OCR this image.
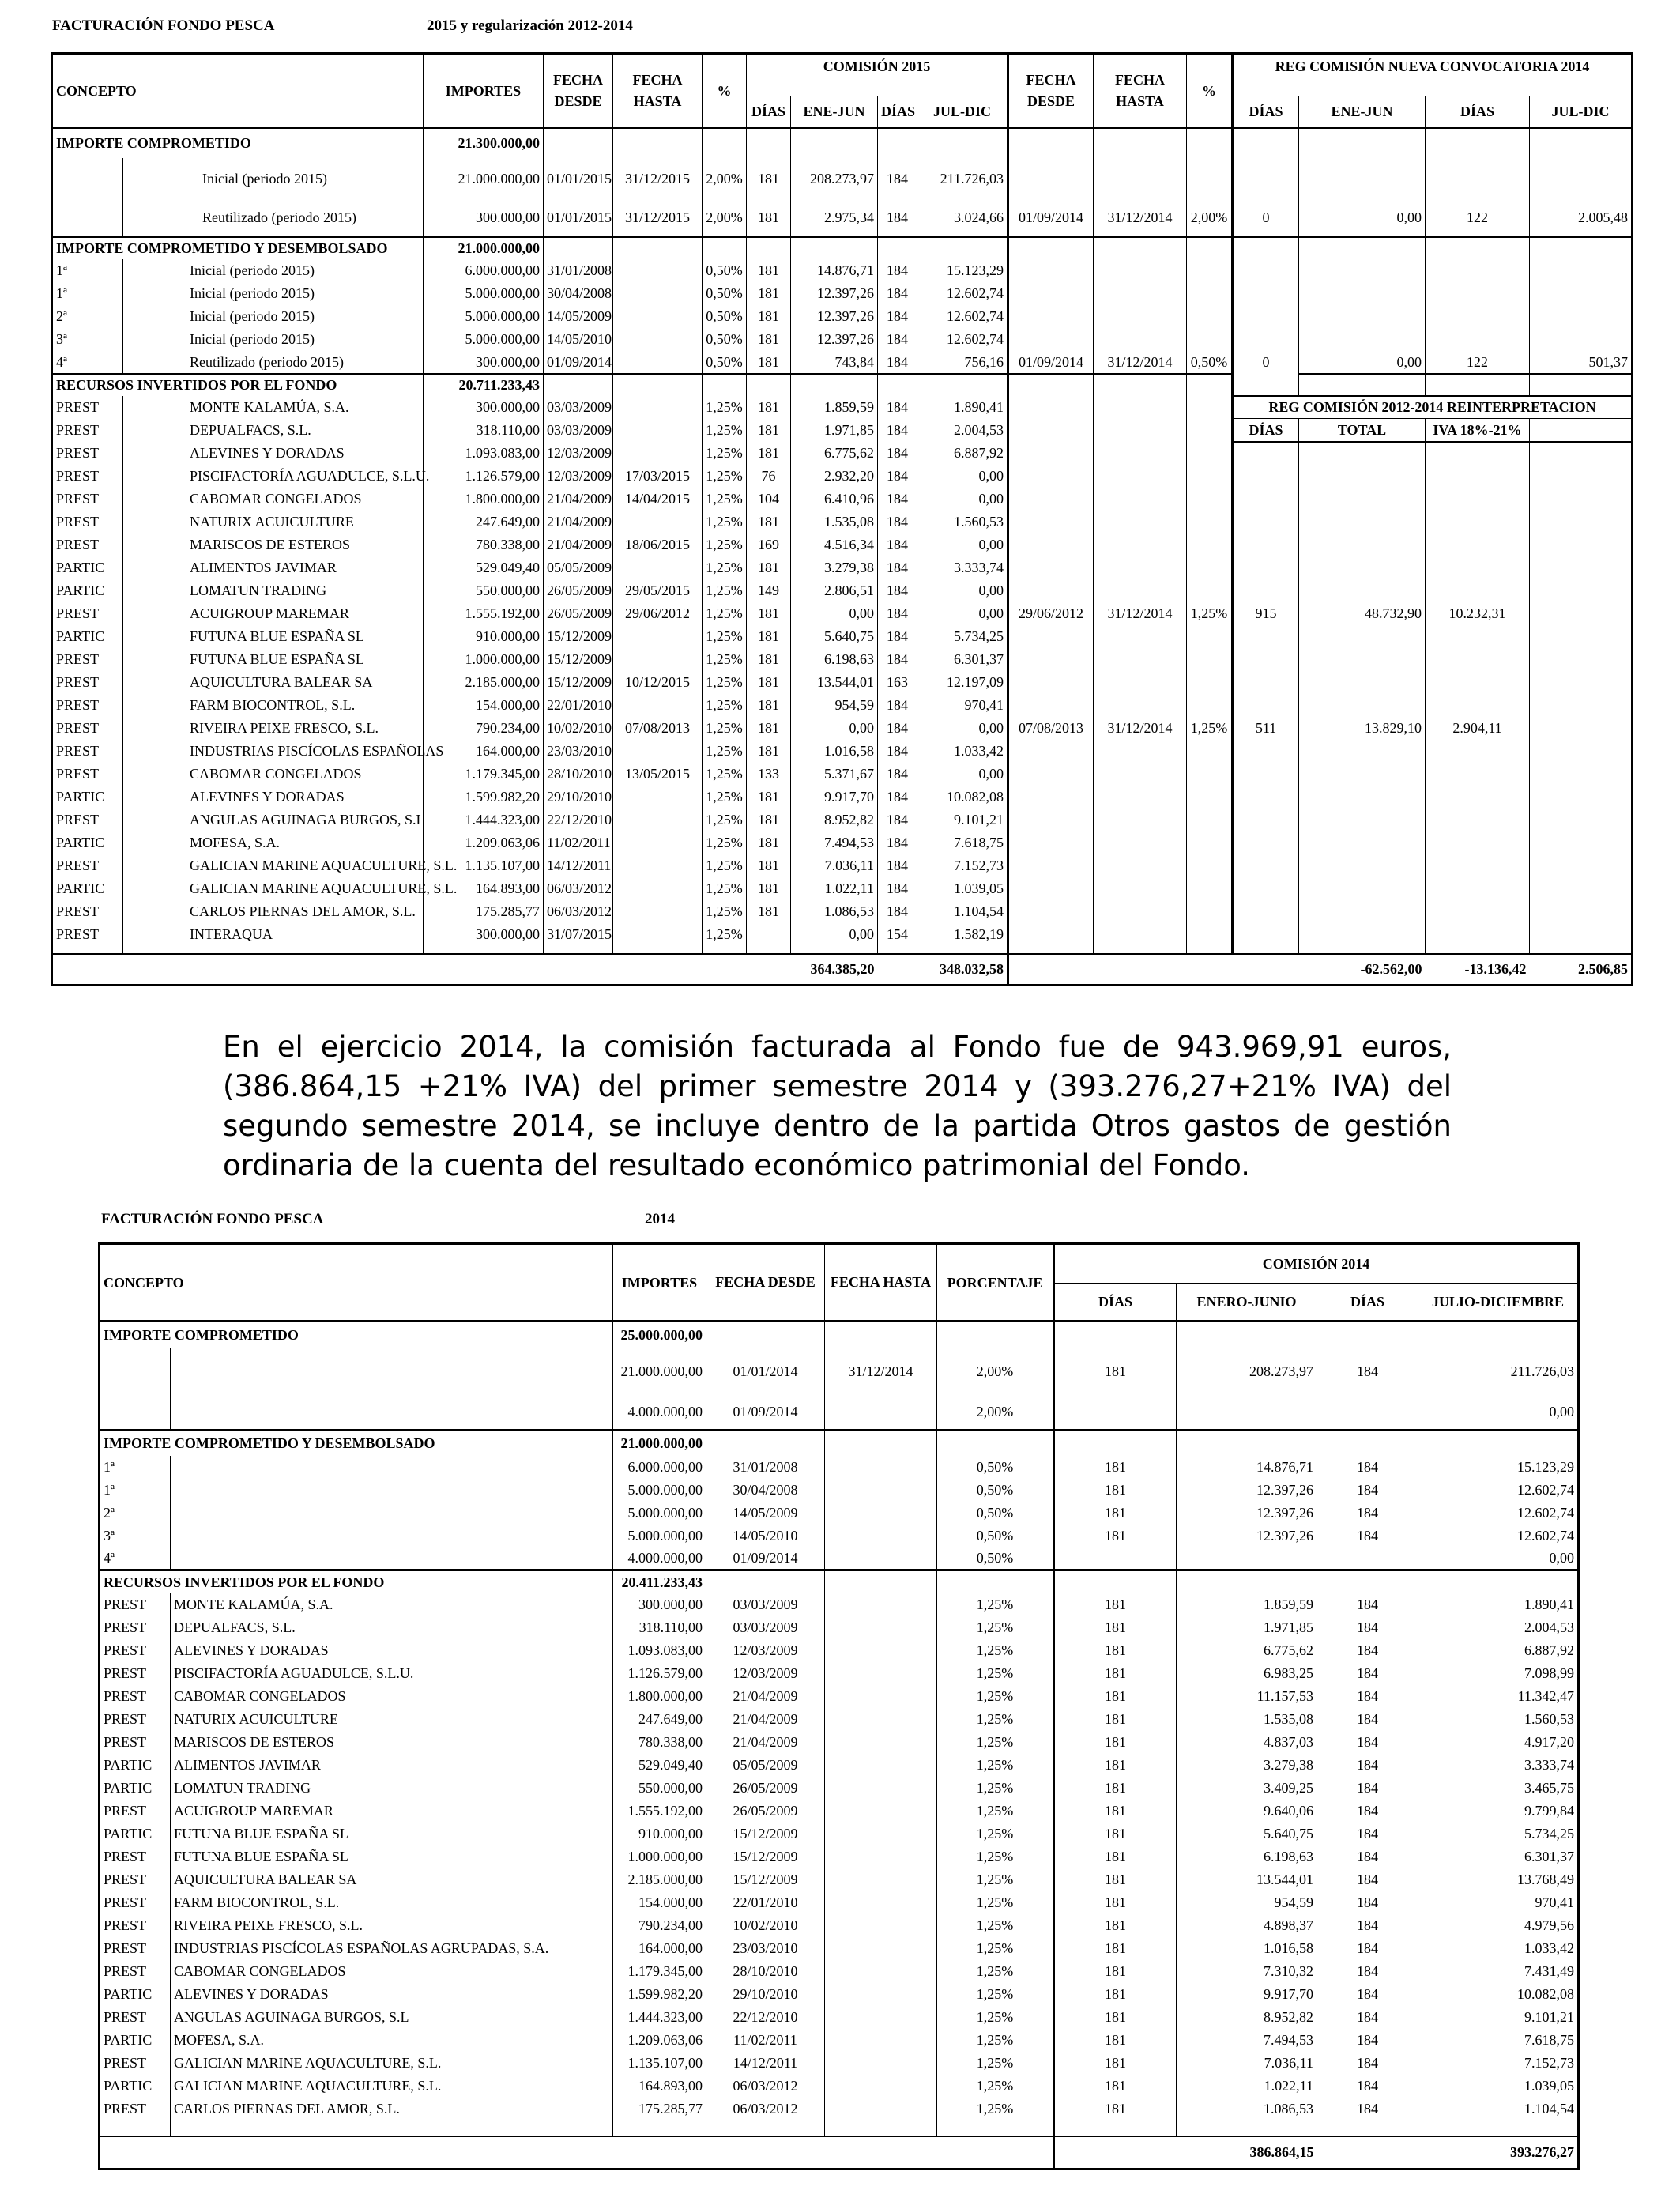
FACTURACIÓN FONDO PESCA	2015 y regularización 2012-2014
CONCEPTO		IMPORTES	FECHA DESDE	FECHA HASTA	%	COMISIÓN 2015				FECHA DESDE	FECHA HASTA	%	REG COMISIÓN NUEVA CONVOCATORIA 2014			
						DÍAS	ENE-JUN	DÍAS	JUL-DIC				DÍAS	ENE-JUN	DÍAS	JUL-DIC
IMPORTE COMPROMETIDO		21.300.000,00														
	Inicial (periodo 2015)	21.000.000,00	01/01/2015	31/12/2015	2,00%	181	208.273,97	184	211.726,03							
	Reutilizado (periodo 2015)	300.000,00	01/01/2015	31/12/2015	2,00%	181	2.975,34	184	3.024,66	01/09/2014	31/12/2014	2,00%	0	0,00	122	2.005,48
IMPORTE COMPROMETIDO Y DESEMBOLSADO		21.000.000,00														
1ª	Inicial (periodo 2015)	6.000.000,00	31/01/2008		0,50%	181	14.876,71	184	15.123,29							
1ª	Inicial (periodo 2015)	5.000.000,00	30/04/2008		0,50%	181	12.397,26	184	12.602,74							
2ª	Inicial (periodo 2015)	5.000.000,00	14/05/2009		0,50%	181	12.397,26	184	12.602,74							
3ª	Inicial (periodo 2015)	5.000.000,00	14/05/2010		0,50%	181	12.397,26	184	12.602,74							
4ª	Reutilizado (periodo 2015)	300.000,00	01/09/2014		0,50%	181	743,84	184	756,16	01/09/2014	31/12/2014	0,50%	0	0,00	122	501,37
RECURSOS INVERTIDOS POR EL FONDO		20.711.233,43														
PREST	MONTE KALAMÚA, S.A.	300.000,00	03/03/2009		1,25%	181	1.859,59	184	1.890,41				REG COMISIÓN 2012-2014 REINTERPRETACION			
PREST	DEPUALFACS, S.L.	318.110,00	03/03/2009		1,25%	181	1.971,85	184	2.004,53				DÍAS	TOTAL	IVA 18%-21%	
PREST	ALEVINES Y DORADAS	1.093.083,00	12/03/2009		1,25%	181	6.775,62	184	6.887,92							
PREST	PISCIFACTORÍA AGUADULCE, S.L.U.	1.126.579,00	12/03/2009	17/03/2015	1,25%	76	2.932,20	184	0,00							
PREST	CABOMAR CONGELADOS	1.800.000,00	21/04/2009	14/04/2015	1,25%	104	6.410,96	184	0,00							
PREST	NATURIX ACUICULTURE	247.649,00	21/04/2009		1,25%	181	1.535,08	184	1.560,53							
PREST	MARISCOS DE ESTEROS	780.338,00	21/04/2009	18/06/2015	1,25%	169	4.516,34	184	0,00							
PARTIC	ALIMENTOS JAVIMAR	529.049,40	05/05/2009		1,25%	181	3.279,38	184	3.333,74							
PARTIC	LOMATUN TRADING	550.000,00	26/05/2009	29/05/2015	1,25%	149	2.806,51	184	0,00							
PREST	ACUIGROUP MAREMAR	1.555.192,00	26/05/2009	29/06/2012	1,25%	181	0,00	184	0,00	29/06/2012	31/12/2014	1,25%	915	48.732,90	10.232,31	
PARTIC	FUTUNA BLUE ESPAÑA SL	910.000,00	15/12/2009		1,25%	181	5.640,75	184	5.734,25							
PREST	FUTUNA BLUE ESPAÑA SL	1.000.000,00	15/12/2009		1,25%	181	6.198,63	184	6.301,37							
PREST	AQUICULTURA BALEAR SA	2.185.000,00	15/12/2009	10/12/2015	1,25%	181	13.544,01	163	12.197,09							
PREST	FARM BIOCONTROL, S.L.	154.000,00	22/01/2010		1,25%	181	954,59	184	970,41							
PREST	RIVEIRA PEIXE FRESCO, S.L.	790.234,00	10/02/2010	07/08/2013	1,25%	181	0,00	184	0,00	07/08/2013	31/12/2014	1,25%	511	13.829,10	2.904,11	
PREST	INDUSTRIAS PISCÍCOLAS ESPAÑOLAS	164.000,00	23/03/2010		1,25%	181	1.016,58	184	1.033,42							
PREST	CABOMAR CONGELADOS	1.179.345,00	28/10/2010	13/05/2015	1,25%	133	5.371,67	184	0,00							
PARTIC	ALEVINES Y DORADAS	1.599.982,20	29/10/2010		1,25%	181	9.917,70	184	10.082,08							
PREST	ANGULAS AGUINAGA BURGOS, S.L	1.444.323,00	22/12/2010		1,25%	181	8.952,82	184	9.101,21							
PARTIC	MOFESA, S.A.	1.209.063,06	11/02/2011		1,25%	181	7.494,53	184	7.618,75							
PREST	GALICIAN MARINE AQUACULTURE, S.L.	1.135.107,00	14/12/2011		1,25%	181	7.036,11	184	7.152,73							
PARTIC	GALICIAN MARINE AQUACULTURE, S.L.	164.893,00	06/03/2012		1,25%	181	1.022,11	184	1.039,05							
PREST	CARLOS PIERNAS DEL AMOR, S.L.	175.285,77	06/03/2012		1,25%	181	1.086,53	184	1.104,54							
PREST	INTERAQUA	300.000,00	31/07/2015		1,25%		0,00	154	1.582,19							

							364.385,20		348.032,58					-62.562,00	-13.136,42	2.506,85
En el ejercicio 2014, la comisión facturada al Fondo fue de 943.969,91 euros, (386.864,15 +21% IVA) del primer semestre 2014 y (393.276,27+21% IVA) del segundo semestre 2014, se incluye dentro de la partida Otros gastos de gestión ordinaria de la cuenta del resultado económico patrimonial del Fondo.
FACTURACIÓN FONDO PESCA	2014
CONCEPTO		IMPORTES	FECHA DESDE	FECHA HASTA	PORCENTAJE	COMISIÓN 2014			
						DÍAS	ENERO-JUNIO	DÍAS	JULIO-DICIEMBRE
IMPORTE COMPROMETIDO		25.000.000,00							
		21.000.000,00	01/01/2014	31/12/2014	2,00%	181	208.273,97	184	211.726,03
		4.000.000,00	01/09/2014		2,00%				0,00
IMPORTE COMPROMETIDO Y DESEMBOLSADO		21.000.000,00							
1ª		6.000.000,00	31/01/2008		0,50%	181	14.876,71	184	15.123,29
1ª		5.000.000,00	30/04/2008		0,50%	181	12.397,26	184	12.602,74
2ª		5.000.000,00	14/05/2009		0,50%	181	12.397,26	184	12.602,74
3ª		5.000.000,00	14/05/2010		0,50%	181	12.397,26	184	12.602,74
4ª		4.000.000,00	01/09/2014		0,50%				0,00
RECURSOS INVERTIDOS POR EL FONDO		20.411.233,43							
PREST	MONTE KALAMÚA, S.A.	300.000,00	03/03/2009		1,25%	181	1.859,59	184	1.890,41
PREST	DEPUALFACS, S.L.	318.110,00	03/03/2009		1,25%	181	1.971,85	184	2.004,53
PREST	ALEVINES Y DORADAS	1.093.083,00	12/03/2009		1,25%	181	6.775,62	184	6.887,92
PREST	PISCIFACTORÍA AGUADULCE, S.L.U.	1.126.579,00	12/03/2009		1,25%	181	6.983,25	184	7.098,99
PREST	CABOMAR CONGELADOS	1.800.000,00	21/04/2009		1,25%	181	11.157,53	184	11.342,47
PREST	NATURIX ACUICULTURE	247.649,00	21/04/2009		1,25%	181	1.535,08	184	1.560,53
PREST	MARISCOS DE ESTEROS	780.338,00	21/04/2009		1,25%	181	4.837,03	184	4.917,20
PARTIC	ALIMENTOS JAVIMAR	529.049,40	05/05/2009		1,25%	181	3.279,38	184	3.333,74
PARTIC	LOMATUN TRADING	550.000,00	26/05/2009		1,25%	181	3.409,25	184	3.465,75
PREST	ACUIGROUP MAREMAR	1.555.192,00	26/05/2009		1,25%	181	9.640,06	184	9.799,84
PARTIC	FUTUNA BLUE ESPAÑA SL	910.000,00	15/12/2009		1,25%	181	5.640,75	184	5.734,25
PREST	FUTUNA BLUE ESPAÑA SL	1.000.000,00	15/12/2009		1,25%	181	6.198,63	184	6.301,37
PREST	AQUICULTURA BALEAR SA	2.185.000,00	15/12/2009		1,25%	181	13.544,01	184	13.768,49
PREST	FARM BIOCONTROL, S.L.	154.000,00	22/01/2010		1,25%	181	954,59	184	970,41
PREST	RIVEIRA PEIXE FRESCO, S.L.	790.234,00	10/02/2010		1,25%	181	4.898,37	184	4.979,56
PREST	INDUSTRIAS PISCÍCOLAS ESPAÑOLAS AGRUPADAS, S.A.	164.000,00	23/03/2010		1,25%	181	1.016,58	184	1.033,42
PREST	CABOMAR CONGELADOS	1.179.345,00	28/10/2010		1,25%	181	7.310,32	184	7.431,49
PARTIC	ALEVINES Y DORADAS	1.599.982,20	29/10/2010		1,25%	181	9.917,70	184	10.082,08
PREST	ANGULAS AGUINAGA BURGOS, S.L	1.444.323,00	22/12/2010		1,25%	181	8.952,82	184	9.101,21
PARTIC	MOFESA, S.A.	1.209.063,06	11/02/2011		1,25%	181	7.494,53	184	7.618,75
PREST	GALICIAN MARINE AQUACULTURE, S.L.	1.135.107,00	14/12/2011		1,25%	181	7.036,11	184	7.152,73
PARTIC	GALICIAN MARINE AQUACULTURE, S.L.	164.893,00	06/03/2012		1,25%	181	1.022,11	184	1.039,05
PREST	CARLOS PIERNAS DEL AMOR, S.L.	175.285,77	06/03/2012		1,25%	181	1.086,53	184	1.104,54

							386.864,15		393.276,27
